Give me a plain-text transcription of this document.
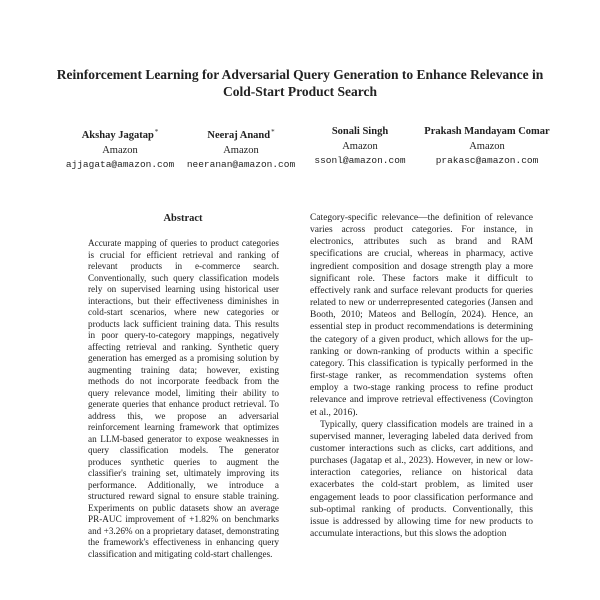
Reinforcement Learning for Adversarial Query Generation to Enhance Relevance in Cold-Start Product Search
Akshay Jagatap*
Amazon
ajjagata@amazon.com
Neeraj Anand*
Amazon
neeranan@amazon.com
Sonali Singh
Amazon
ssonl@amazon.com
Prakash Mandayam Comar
Amazon
prakasc@amazon.com
Abstract
Accurate mapping of queries to product categories is crucial for efficient retrieval and ranking of relevant products in e-commerce search. Conventionally, such query classification models rely on supervised learning using historical user interactions, but their effectiveness diminishes in cold-start scenarios, where new categories or products lack sufficient training data. This results in poor query-to-category mappings, negatively affecting retrieval and ranking. Synthetic query generation has emerged as a promising solution by augmenting training data; however, existing methods do not incorporate feedback from the query relevance model, limiting their ability to generate queries that enhance product retrieval. To address this, we propose an adversarial reinforcement learning framework that optimizes an LLM-based generator to expose weaknesses in query classification models. The generator produces synthetic queries to augment the classifier's training set, ultimately improving its performance. Additionally, we introduce a structured reward signal to ensure stable training. Experiments on public datasets show an average PR-AUC improvement of +1.82% on benchmarks and +3.26% on a proprietary dataset, demonstrating the framework's effectiveness in enhancing query classification and mitigating cold-start challenges.

Category-specific relevance—the definition of relevance varies across product categories. For instance, in electronics, attributes such as brand and RAM specifications are crucial, whereas in pharmacy, active ingredient composition and dosage strength play a more significant role. These factors make it difficult to effectively rank and surface relevant products for queries related to new or underrepresented categories (Jansen and Booth, 2010; Mateos and Bellogín, 2024). Hence, an essential step in product recommendations is determining the category of a given product, which allows for the up-ranking or down-ranking of products within a specific category. This classification is typically performed in the first-stage ranker, as recommendation systems often employ a two-stage ranking process to refine product relevance and improve retrieval effectiveness (Covington et al., 2016).

Typically, query classification models are trained in a supervised manner, leveraging labeled data derived from customer interactions such as clicks, cart additions, and purchases (Jagatap et al., 2023). However, in new or low-interaction categories, reliance on historical data exacerbates the cold-start problem, as limited user engagement leads to poor classification performance and sub-optimal ranking of products. Conventionally, this issue is addressed by allowing time for new products to accumulate interactions, but this slows the adoption
